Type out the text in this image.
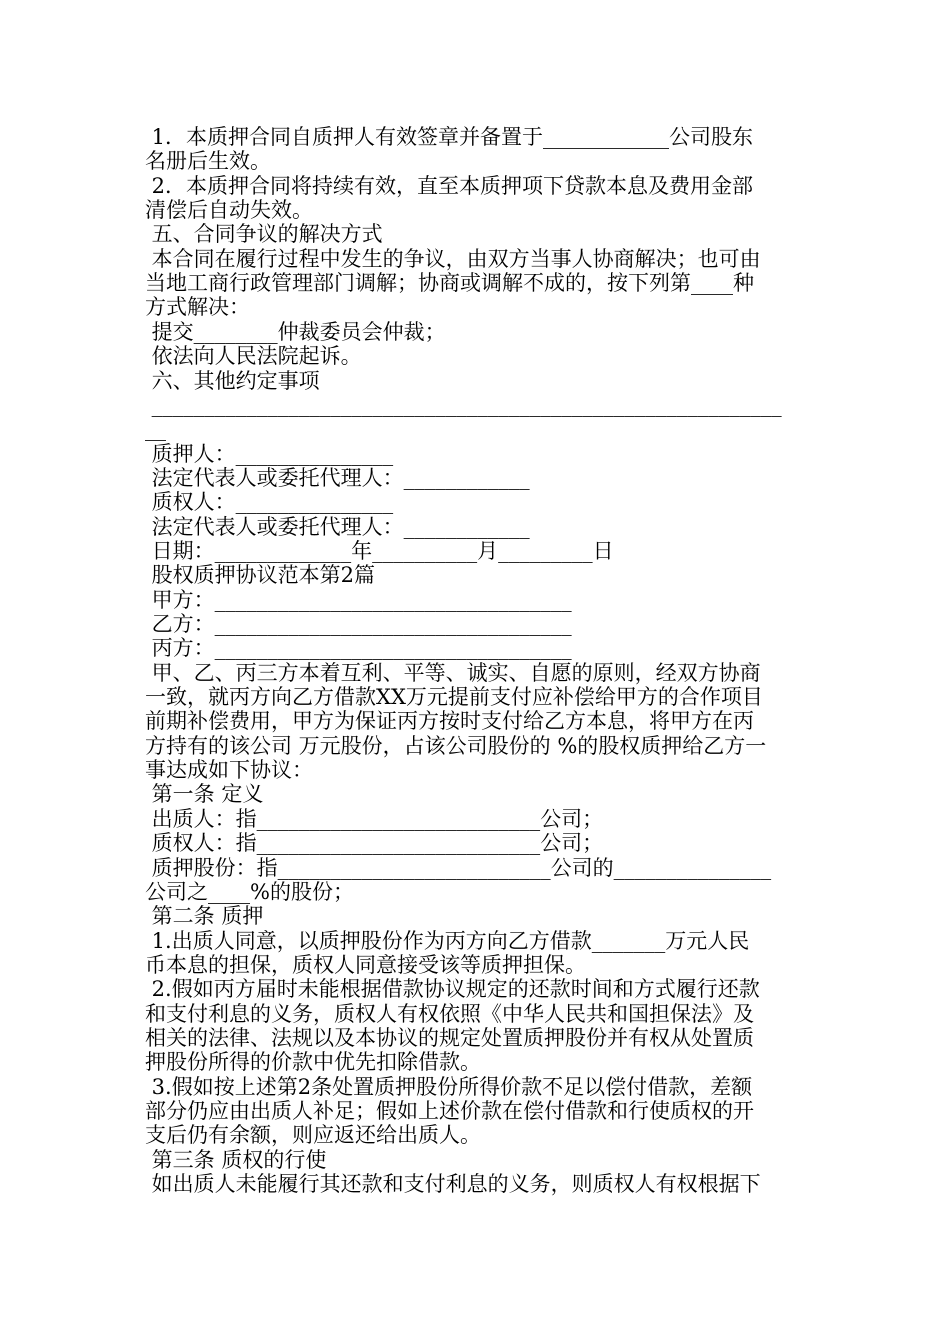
1．本质押合同自质押人有效签章并备置于____________公司股东
名册后生效。
2．本质押合同将持续有效，直至本质押项下贷款本息及费用金部
清偿后自动失效。
五、合同争议的解决方式
本合同在履行过程中发生的争议，由双方当事人协商解决；也可由
当地工商行政管理部门调解；协商或调解不成的，按下列第____种
方式解决：
提交________仲裁委员会仲裁；
依法向人民法院起诉。
六、其他约定事项
____________________________________________________________
__
质押人：_______________
法定代表人或委托代理人：____________
质权人：_______________
法定代表人或委托代理人：____________
日期：_____________年__________月_________日
股权质押协议范本第2篇
甲方：__________________________________
乙方：__________________________________
丙方：__________________________________
甲、乙、丙三方本着互利、平等、诚实、自愿的原则，经双方协商
一致，就丙方向乙方借款XX万元提前支付应补偿给甲方的合作项目
前期补偿费用，甲方为保证丙方按时支付给乙方本息，将甲方在丙
方持有的该公司 万元股份，占该公司股份的 %的股权质押给乙方一
事达成如下协议：
第一条 定义
出质人：指___________________________公司；
质权人：指___________________________公司；
质押股份：指__________________________公司的_______________
公司之____%的股份；
第二条 质押
1.出质人同意，以质押股份作为丙方向乙方借款_______万元人民
币本息的担保，质权人同意接受该等质押担保。
2.假如丙方届时未能根据借款协议规定的还款时间和方式履行还款
和支付利息的义务，质权人有权依照《中华人民共和国担保法》及
相关的法律、法规以及本协议的规定处置质押股份并有权从处置质
押股份所得的价款中优先扣除借款。
3.假如按上述第2条处置质押股份所得价款不足以偿付借款，差额
部分仍应由出质人补足；假如上述价款在偿付借款和行使质权的开
支后仍有余额，则应返还给出质人。
第三条 质权的行使
如出质人未能履行其还款和支付利息的义务，则质权人有权根据下
